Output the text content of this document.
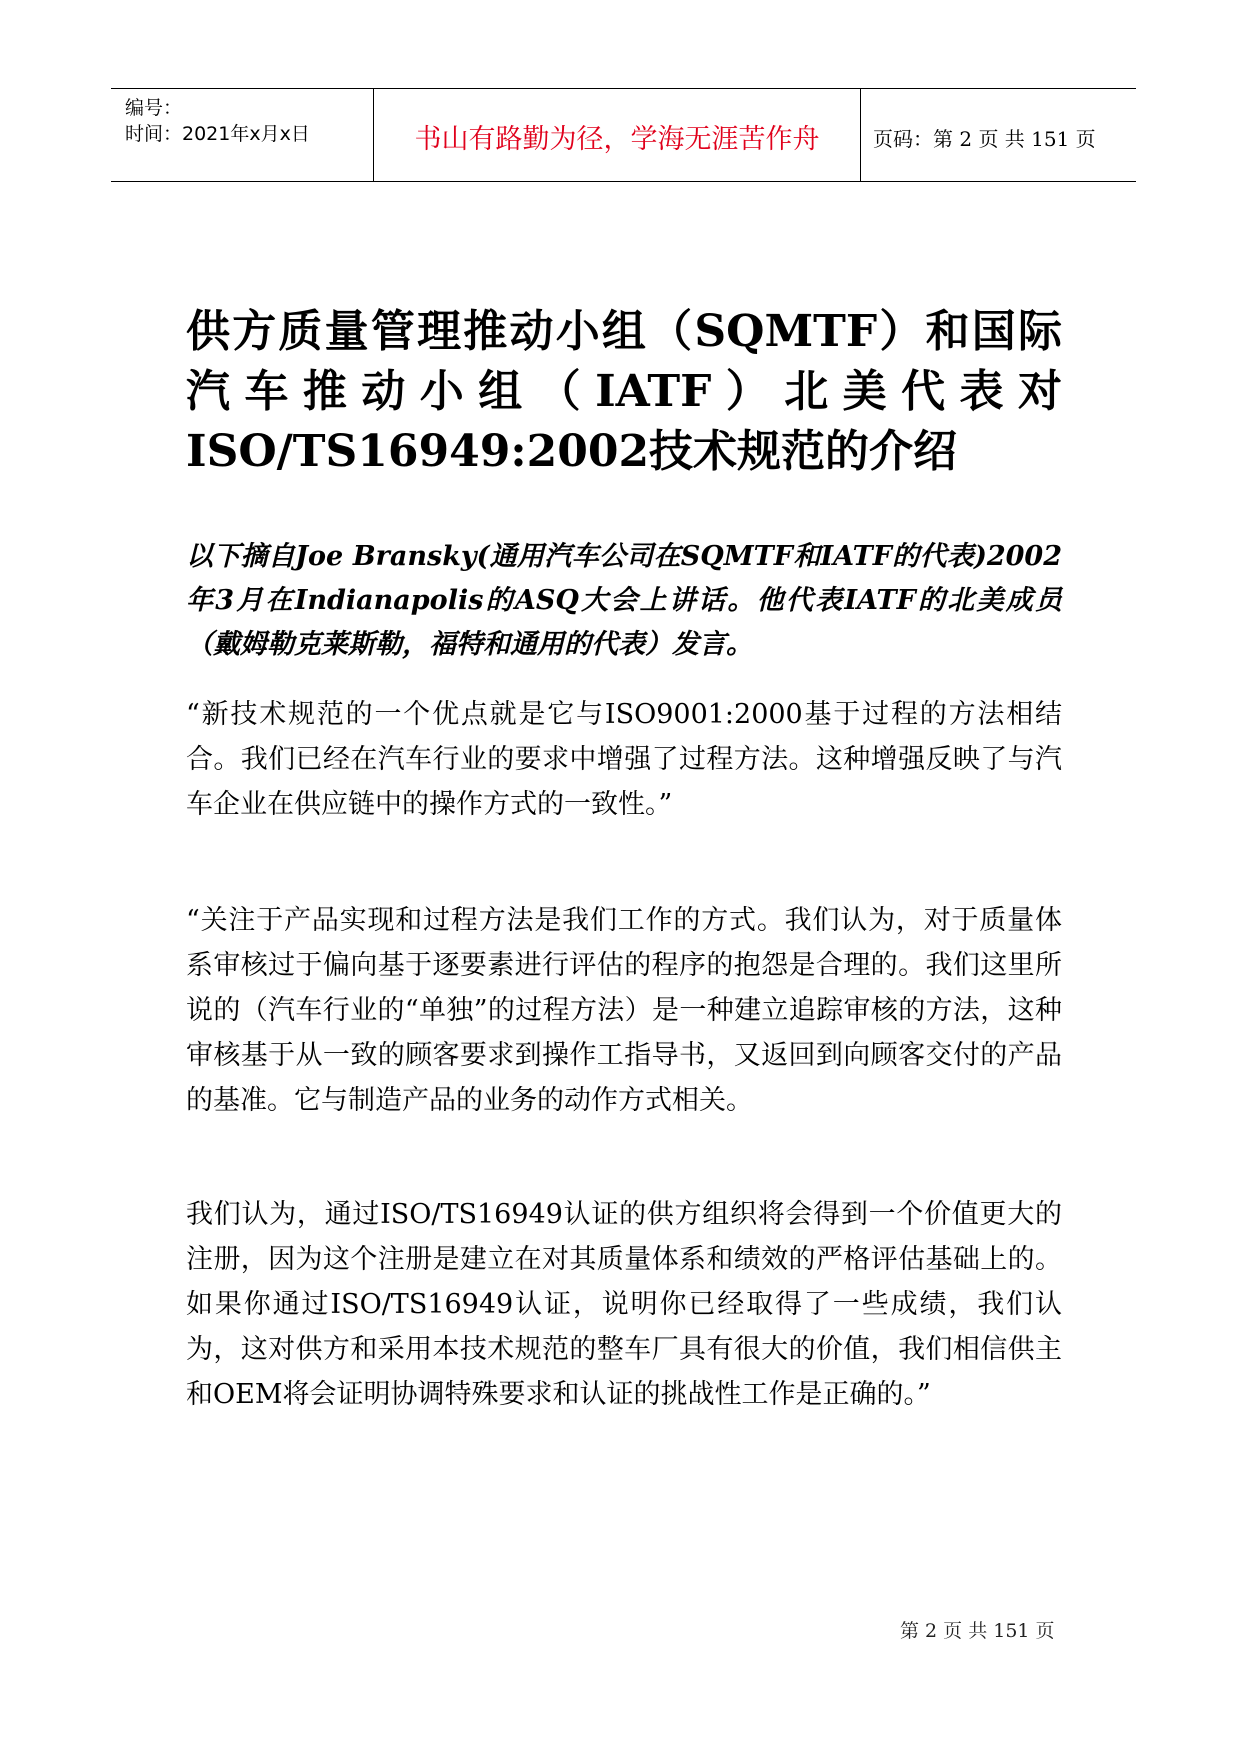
编号：
时间：2021年x月x日	书山有路勤为径，学海无涯苦作舟	页码：第 2 页 共 151 页
供方质量管理推动小组（SQMTF）和国际汽车推动小组（IATF）北美代表对ISO/TS16949:2002技术规范的介绍

以下摘自Joe Bransky(通用汽车公司在SQMTF和IATF的代表)2002年3月在Indianapolis的ASQ大会上讲话。他代表IATF的北美成员（戴姆勒克莱斯勒，福特和通用的代表）发言。

“新技术规范的一个优点就是它与ISO9001:2000基于过程的方法相结合。我们已经在汽车行业的要求中增强了过程方法。这种增强反映了与汽车企业在供应链中的操作方式的一致性。”

“关注于产品实现和过程方法是我们工作的方式。我们认为，对于质量体系审核过于偏向基于逐要素进行评估的程序的抱怨是合理的。我们这里所说的（汽车行业的“单独”的过程方法）是一种建立追踪审核的方法，这种审核基于从一致的顾客要求到操作工指导书，又返回到向顾客交付的产品的基准。它与制造产品的业务的动作方式相关。

我们认为，通过ISO/TS16949认证的供方组织将会得到一个价值更大的注册，因为这个注册是建立在对其质量体系和绩效的严格评估基础上的。如果你通过ISO/TS16949认证，说明你已经取得了一些成绩，我们认为，这对供方和采用本技术规范的整车厂具有很大的价值，我们相信供主和OEM将会证明协调特殊要求和认证的挑战性工作是正确的。”

第 2 页 共 151 页
